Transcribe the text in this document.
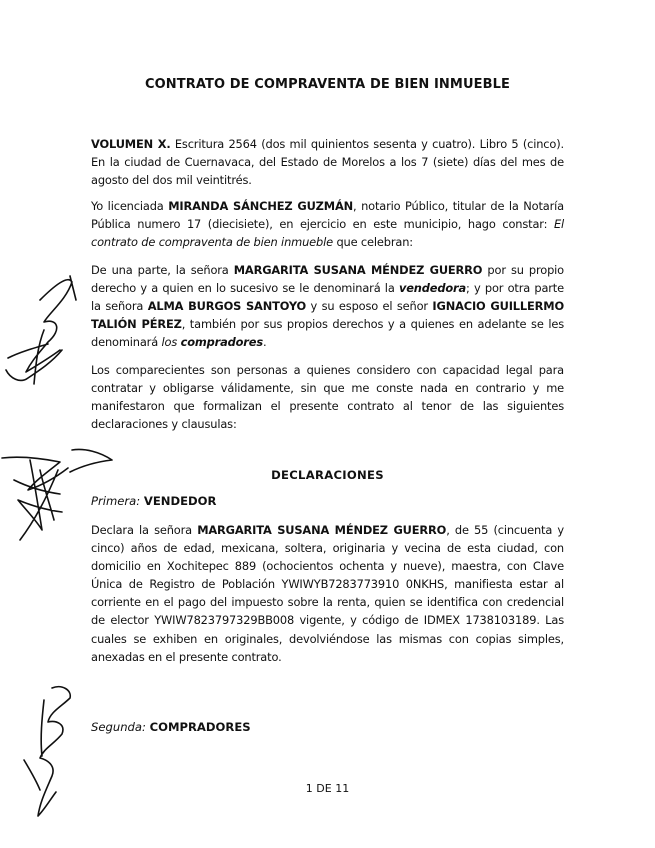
CONTRATO DE COMPRAVENTA DE BIEN INMUEBLE
VOLUMEN X. Escritura 2564 (dos mil quinientos sesenta y cuatro). Libro 5 (cinco). En la ciudad de Cuernavaca, del Estado de Morelos a los 7 (siete) días del mes de agosto del dos mil veintitrés.
Yo licenciada MIRANDA SÁNCHEZ GUZMÁN, notario Público, titular de la Notaría Pública numero 17 (diecisiete), en ejercicio en este municipio, hago constar: El contrato de compraventa de bien inmueble que celebran:
De una parte, la señora MARGARITA SUSANA MÉNDEZ GUERRO por su propio derecho y a quien en lo sucesivo se le denominará la vendedora; y por otra parte la señora ALMA BURGOS SANTOYO y su esposo el señor IGNACIO GUILLERMO TALIÓN PÉREZ, también por sus propios derechos y a quienes en adelante se les denominará los compradores.
Los comparecientes son personas a quienes considero con capacidad legal para contratar y obligarse válidamente, sin que me conste nada en contrario y me manifestaron que formalizan el presente contrato al tenor de las siguientes declaraciones y clausulas:
DECLARACIONES
Primera: VENDEDOR
Declara la señora MARGARITA SUSANA MÉNDEZ GUERRO, de 55 (cincuenta y cinco) años de edad, mexicana, soltera, originaria y vecina de esta ciudad, con domicilio en Xochitepec 889 (ochocientos ochenta y nueve), maestra, con Clave Única de Registro de Población YWIWYB7283773910 0NKHS, manifiesta estar al corriente en el pago del impuesto sobre la renta, quien se identifica con credencial de elector YWIW7823797329BB008 vigente, y código de IDMEX 1738103189. Las cuales se exhiben en originales, devolviéndose las mismas con copias simples, anexadas en el presente contrato.
Segunda: COMPRADORES
1 DE 11
